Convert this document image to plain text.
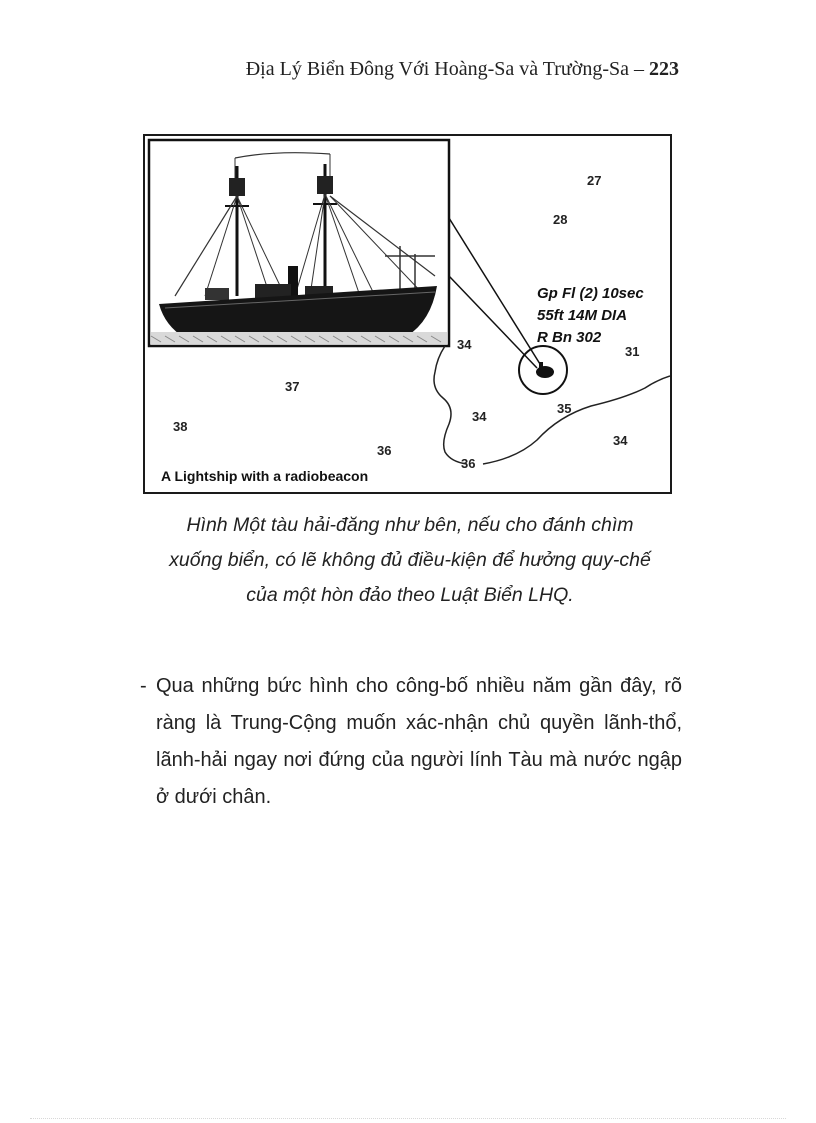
Địa Lý Biển Đông Với Hoàng-Sa và Trường-Sa – 223
Gp Fl (2) 10sec
55ft 14M DIA
R Bn 302
27
28
31
34
37
34
35
38
36
34
36
A Lightship with a radiobeacon
Hình Một tàu hải-đăng như bên, nếu cho đánh chìm xuống biển, có lẽ không đủ điều-kiện để hưởng quy-chế của một hòn đảo theo Luật Biển LHQ.
- Qua những bức hình cho công-bố nhiều năm gần đây, rõ ràng là Trung-Cộng muốn xác-nhận chủ quyền lãnh-thổ, lãnh-hải ngay nơi đứng của người lính Tàu mà nước ngập ở dưới chân.
